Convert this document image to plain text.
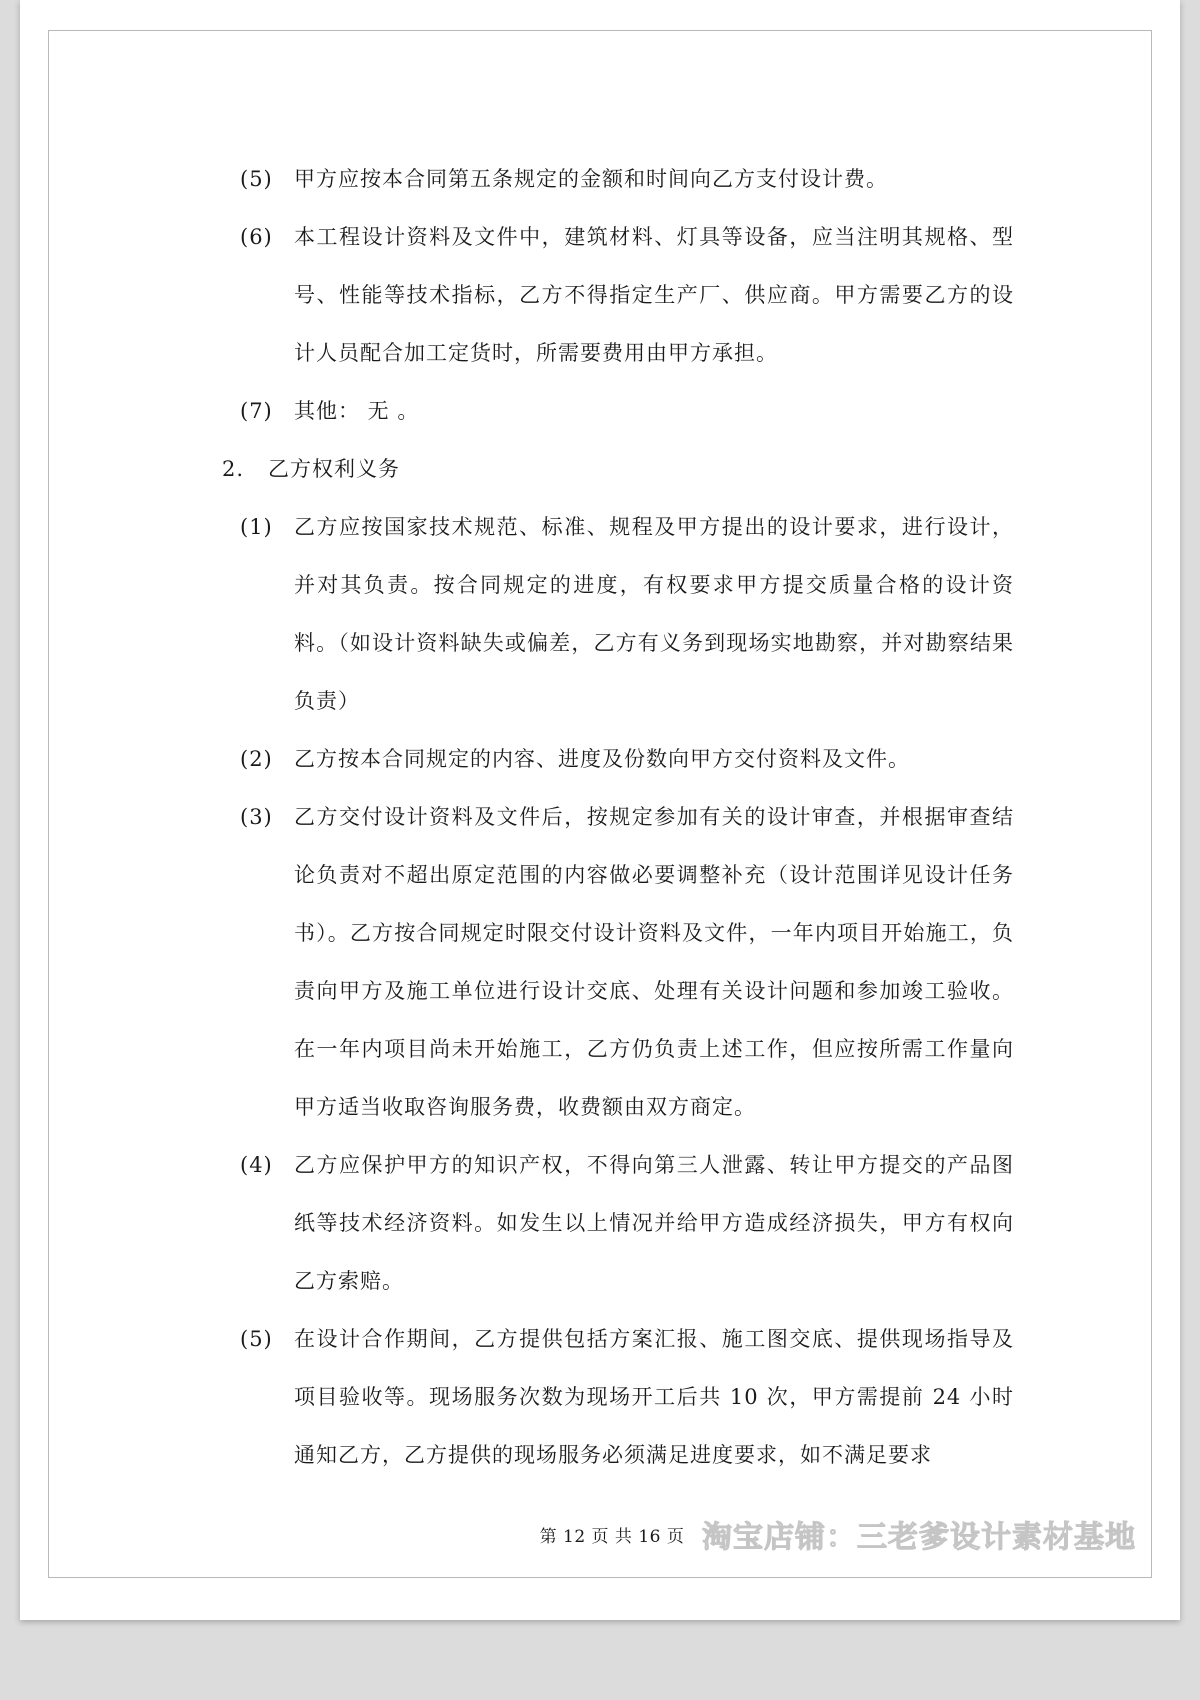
(5) 甲方应按本合同第五条规定的金额和时间向乙方支付设计费。
(6) 本工程设计资料及文件中，建筑材料、灯具等设备，应当注明其规格、型号、性能等技术指标，乙方不得指定生产厂、供应商。甲方需要乙方的设计人员配合加工定货时，所需要费用由甲方承担。
(7) 其他： 无 。
2. 乙方权利义务
(1) 乙方应按国家技术规范、标准、规程及甲方提出的设计要求，进行设计，并对其负责。按合同规定的进度，有权要求甲方提交质量合格的设计资料。（如设计资料缺失或偏差，乙方有义务到现场实地勘察，并对勘察结果负责）
(2) 乙方按本合同规定的内容、进度及份数向甲方交付资料及文件。
(3) 乙方交付设计资料及文件后，按规定参加有关的设计审查，并根据审查结论负责对不超出原定范围的内容做必要调整补充（设计范围详见设计任务书）。乙方按合同规定时限交付设计资料及文件，一年内项目开始施工，负责向甲方及施工单位进行设计交底、处理有关设计问题和参加竣工验收。在一年内项目尚未开始施工，乙方仍负责上述工作，但应按所需工作量向甲方适当收取咨询服务费，收费额由双方商定。
(4) 乙方应保护甲方的知识产权，不得向第三人泄露、转让甲方提交的产品图纸等技术经济资料。如发生以上情况并给甲方造成经济损失，甲方有权向乙方索赔。
(5) 在设计合作期间，乙方提供包括方案汇报、施工图交底、提供现场指导及项目验收等。现场服务次数为现场开工后共 10 次，甲方需提前 24 小时通知乙方，乙方提供的现场服务必须满足进度要求，如不满足要求
第 12 页 共 16 页 淘宝店铺：三老爹设计素材基地
